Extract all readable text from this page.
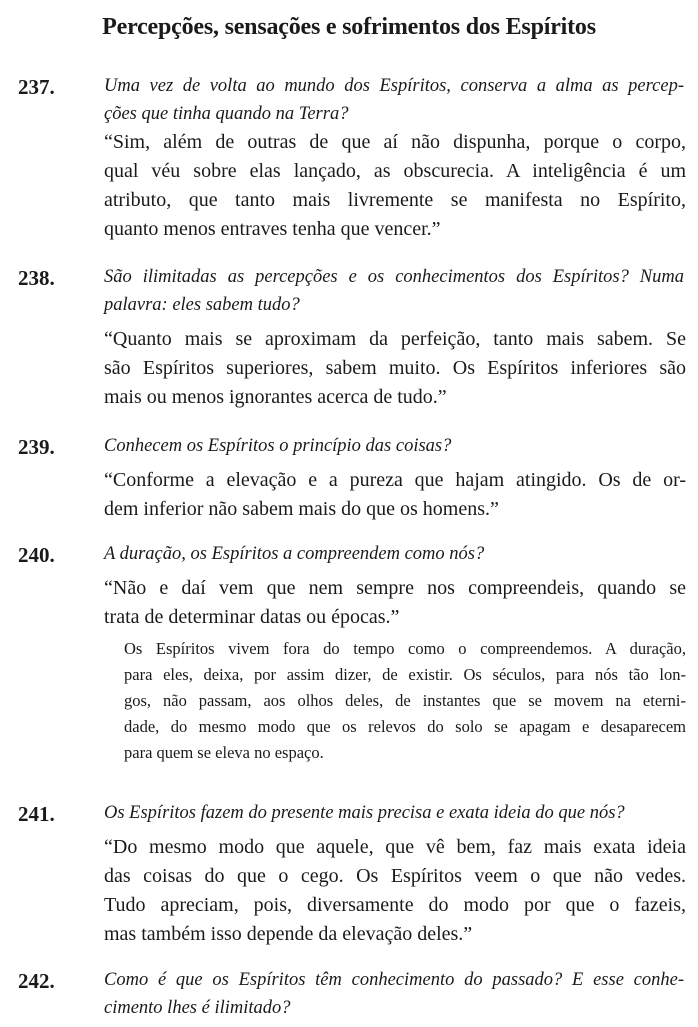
Percepções, sensações e sofrimentos dos Espíritos
237.	Uma vez de volta ao mundo dos Espíritos, conserva a alma as percep-
ções que tinha quando na Terra?
“Sim, além de outras de que aí não dispunha, porque o corpo,
qual véu sobre elas lançado, as obscurecia. A inteligência é um
atributo, que tanto mais livremente se manifesta no Espírito,
quanto menos entraves tenha que vencer.”
238.	São ilimitadas as percepções e os conhecimentos dos Espíritos? Numa
palavra: eles sabem tudo?
“Quanto mais se aproximam da perfeição, tanto mais sabem. Se
são Espíritos superiores, sabem muito. Os Espíritos inferiores são
mais ou menos ignorantes acerca de tudo.”
239.	Conhecem os Espíritos o princípio das coisas?
“Conforme a elevação e a pureza que hajam atingido. Os de or-
dem inferior não sabem mais do que os homens.”
240.	A duração, os Espíritos a compreendem como nós?
“Não e daí vem que nem sempre nos compreendeis, quando se
trata de determinar datas ou épocas.”
Os Espíritos vivem fora do tempo como o compreendemos. A duração,
para eles, deixa, por assim dizer, de existir. Os séculos, para nós tão lon-
gos, não passam, aos olhos deles, de instantes que se movem na eterni-
dade, do mesmo modo que os relevos do solo se apagam e desaparecem
para quem se eleva no espaço.
241.	Os Espíritos fazem do presente mais precisa e exata ideia do que nós?
“Do mesmo modo que aquele, que vê bem, faz mais exata ideia
das coisas do que o cego. Os Espíritos veem o que não vedes.
Tudo apreciam, pois, diversamente do modo por que o fazeis,
mas também isso depende da elevação deles.”
242.	Como é que os Espíritos têm conhecimento do passado? E esse conhe-
cimento lhes é ilimitado?
